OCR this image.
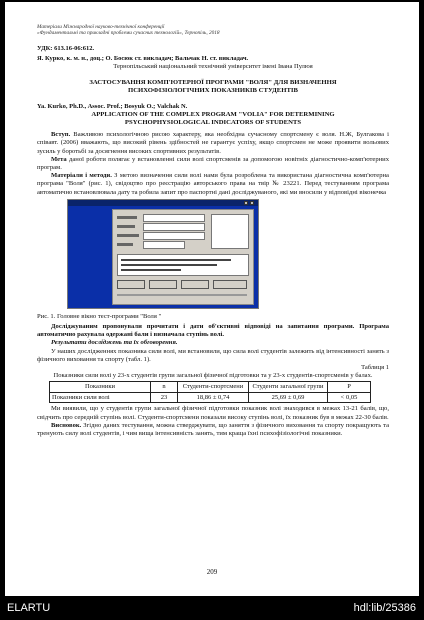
Матеріали Міжнародної науково-технічної конференції
«Фундаментальні та прикладні проблеми сучасних технологій», Тернопіль, 2018
УДК: 613.16-06:612.
Я. Курко, к. м. н., доц.; О. Босюк ст. викладач; Вальчак Н. ст. викладач.
Тернопільський національний технічний університет імені Івана Пулюя
ЗАСТОСУВАННЯ КОМП'ЮТЕРНОЇ ПРОГРАМИ "ВОЛЯ" ДЛЯ ВИЗНАЧЕННЯ ПСИХОФІЗІОЛОГІЧНИХ ПОКАЗНИКІВ СТУДЕНТІВ
Ya. Kurko, Ph.D., Assoc. Prof.; Bosyuk O.; Valchak N.
APPLICATION OF THE COMPLEX PROGRAM "VOLIA" FOR DETERMINING PSYCHOPHYSIOLOGICAL INDICATORS OF STUDENTS

Вступ. Важливою психологічною рисою характеру, яка необхідна сучасному спортсмену є воля. Н.Ж, Булгакова і співавт. (2006) вважають, що високий рівень здібностей не гарантує успіху, якщо спортсмен не може проявити вольових зусиль у боротьбі за досягнення високих спортивних результатів.

Мета даної роботи полягає у встановленні сили волі спортсменів за допомогою новітніх діагностично-комп'ютерних програм.

Матеріали і методи. З метою визначення сили волі нами була розроблена та використана діагностична комп'ютерна програма "Воля" (рис. 1), свідоцтво про реєстрацію авторського права на твір № 23221. Перед тестуванням програма автоматично встановлювала дату та робила запит про паспортні дані досліджуваного, які ми вносили у відповідні віконечка

Рис. 1. Головне вікно тест-програми "Воля "

Досліджуваним пропонували прочитати і дати об'єктивні відповіді на запитання програми. Програма автоматично рахувала одержані бали і визначала ступінь волі.

Результати досліджень та їх обговорення.

У наших дослідженнях показника сили волі, ми встановили, що сила волі студентів залежить від інтенсивності занять з фізичного виховання та спорту (табл. 1).

Таблиця 1
Показники сили волі у 23-х студентів групи загальної фізичної підготовки та у 23-х студентів-спортсменів у балах.
Показники	n	Студенти-спортсмени	Студенти загальної групи	P
Показники сили волі	23	18,86 ± 0,74	25,69 ± 0,69	< 0,05

Ми виявили, що у студентів групи загальної фізичної підготовки показник волі знаходився в межах 13-21 балів, що, свідчить про середній ступінь волі. Студенти-спортсмени показали високу ступінь волі, їх показник був в межах 22-30 балів.

Висновок. Згідно даних тестування, можна стверджувати, що заняття з фізичного виховання та спорту покращують та тренують силу волі студентів, і чим вища інтенсивність занять, тим краща їхні психофізіологічні показники.

209
ELARTU	hdl:lib/25386
